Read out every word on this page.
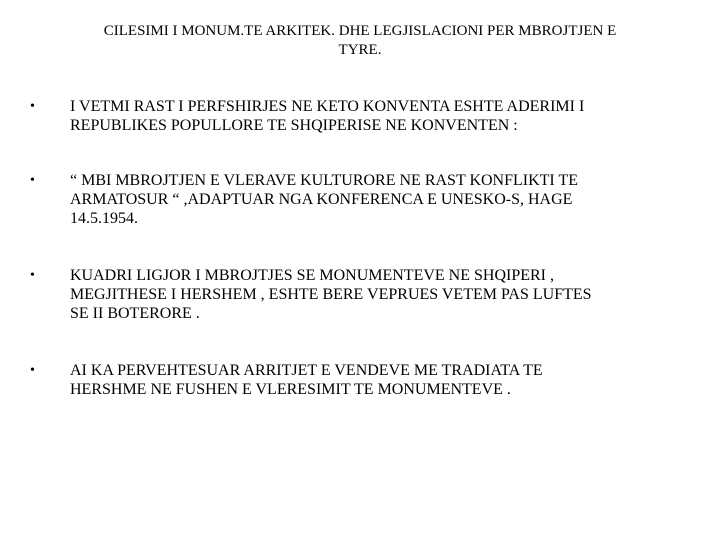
CILESIMI I MONUM.TE ARKITEK. DHE LEGJISLACIONI PER MBROJTJEN E
TYRE.
•	I VETMI RAST I PERFSHIRJES NE KETO KONVENTA ESHTE ADERIMI I
REPUBLIKES POPULLORE TE SHQIPERISE NE KONVENTEN :
•	“ MBI MBROJTJEN E VLERAVE KULTURORE NE RAST KONFLIKTI TE
ARMATOSUR “ ,ADAPTUAR NGA KONFERENCA E UNESKO-S, HAGE
14.5.1954.
•	KUADRI LIGJOR I MBROJTJES SE MONUMENTEVE NE SHQIPERI ,
MEGJITHESE I HERSHEM , ESHTE BERE VEPRUES VETEM PAS LUFTES
SE II BOTERORE .
•	AI KA PERVEHTESUAR ARRITJET E VENDEVE ME TRADIATA TE
HERSHME NE FUSHEN E VLERESIMIT TE MONUMENTEVE .
